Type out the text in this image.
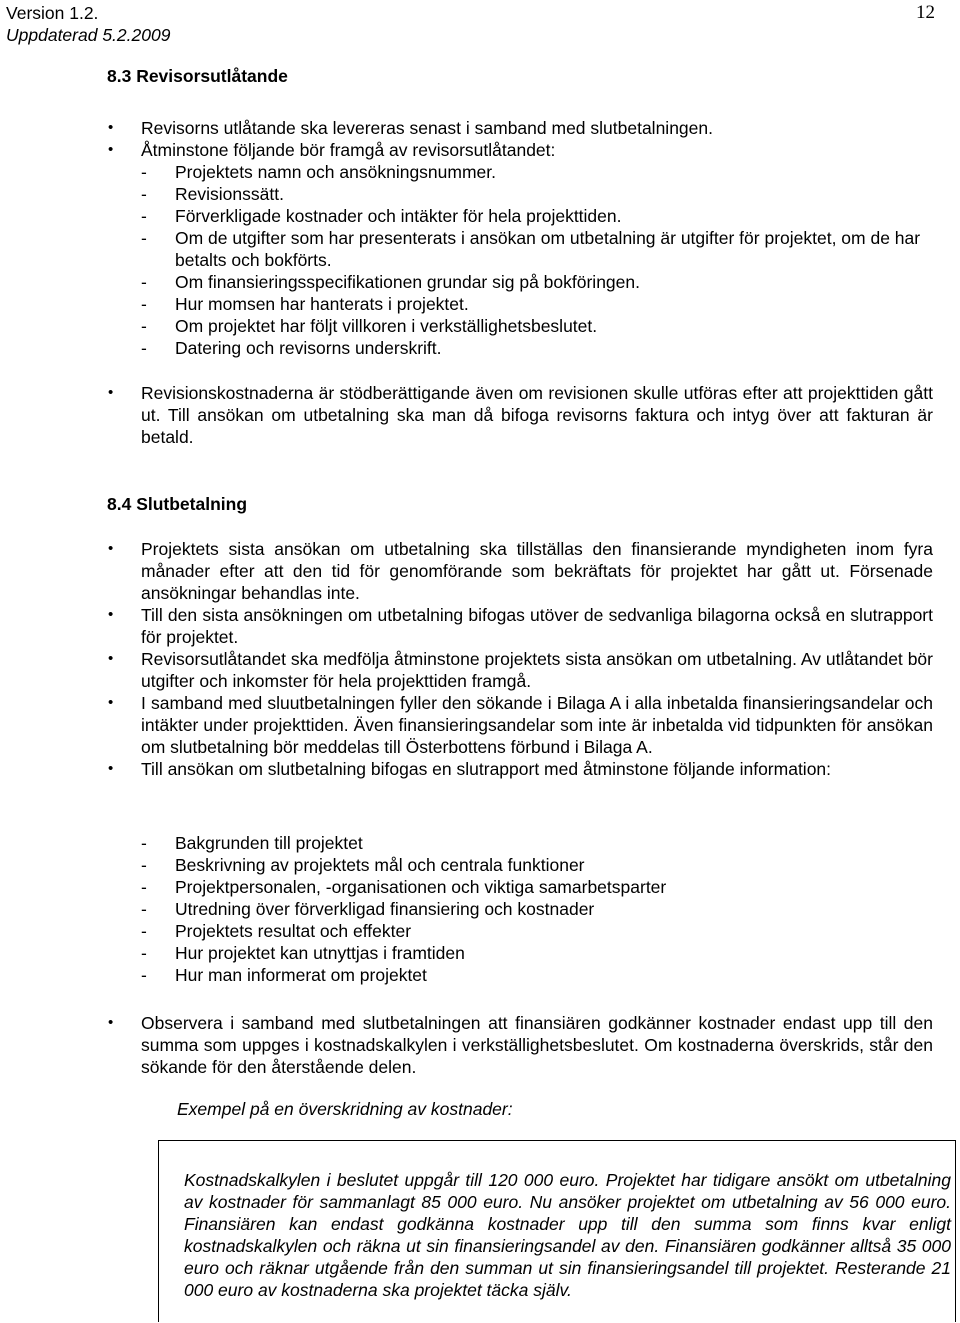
Version 1.2.
Uppdaterad 5.2.2009
12
8.3 Revisorsutlåtande
• Revisorns utlåtande ska levereras senast i samband med slutbetalningen.
• Åtminstone följande bör framgå av revisorsutlåtandet:
- Projektets namn och ansökningsnummer.
- Revisionssätt.
- Förverkligade kostnader och intäkter för hela projekttiden.
- Om de utgifter som har presenterats i ansökan om utbetalning är utgifter för projektet, om de har betalts och bokförts.
- Om finansieringsspecifikationen grundar sig på bokföringen.
- Hur momsen har hanterats i projektet.
- Om projektet har följt villkoren i verkställighetsbeslutet.
- Datering och revisorns underskrift.
• Revisionskostnaderna är stödberättigande även om revisionen skulle utföras efter att projekttiden gått ut. Till ansökan om utbetalning ska man då bifoga revisorns faktura och intyg över att fakturan är betald.
8.4 Slutbetalning
• Projektets sista ansökan om utbetalning ska tillställas den finansierande myndigheten inom fyra månader efter att den tid för genomförande som bekräftats för projektet har gått ut. Försenade ansökningar behandlas inte.
• Till den sista ansökningen om utbetalning bifogas utöver de sedvanliga bilagorna också en slutrapport för projektet.
• Revisorsutlåtandet ska medfölja åtminstone projektets sista ansökan om utbetalning. Av utlåtandet bör utgifter och inkomster för hela projekttiden framgå.
• I samband med sluutbetalningen fyller den sökande i Bilaga A i alla inbetalda finansieringsandelar och intäkter under projekttiden. Även finansieringsandelar som inte är inbetalda vid tidpunkten för ansökan om slutbetalning bör meddelas till Österbottens förbund i Bilaga A.
• Till ansökan om slutbetalning bifogas en slutrapport med åtminstone följande information:
- Bakgrunden till projektet
- Beskrivning av projektets mål och centrala funktioner
- Projektpersonalen, -organisationen och viktiga samarbetsparter
- Utredning över förverkligad finansiering och kostnader
- Projektets resultat och effekter
- Hur projektet kan utnyttjas i framtiden
- Hur man informerat om projektet
• Observera i samband med slutbetalningen att finansiären godkänner kostnader endast upp till den summa som uppges i kostnadskalkylen i verkställighetsbeslutet. Om kostnaderna överskrids, står den sökande för den återstående delen.
Exempel på en överskridning av kostnader:
Kostnadskalkylen i beslutet uppgår till 120 000 euro. Projektet har tidigare ansökt om utbetalning av kostnader för sammanlagt 85 000 euro. Nu ansöker projektet om utbetalning av 56 000 euro. Finansiären kan endast godkänna kostnader upp till den summa som finns kvar enligt kostnadskalkylen och räkna ut sin finansieringsandel av den. Finansiären godkänner alltså 35 000 euro och räknar utgående från den summan ut sin finansieringsandel till projektet. Resterande 21 000 euro av kostnaderna ska projektet täcka själv.
